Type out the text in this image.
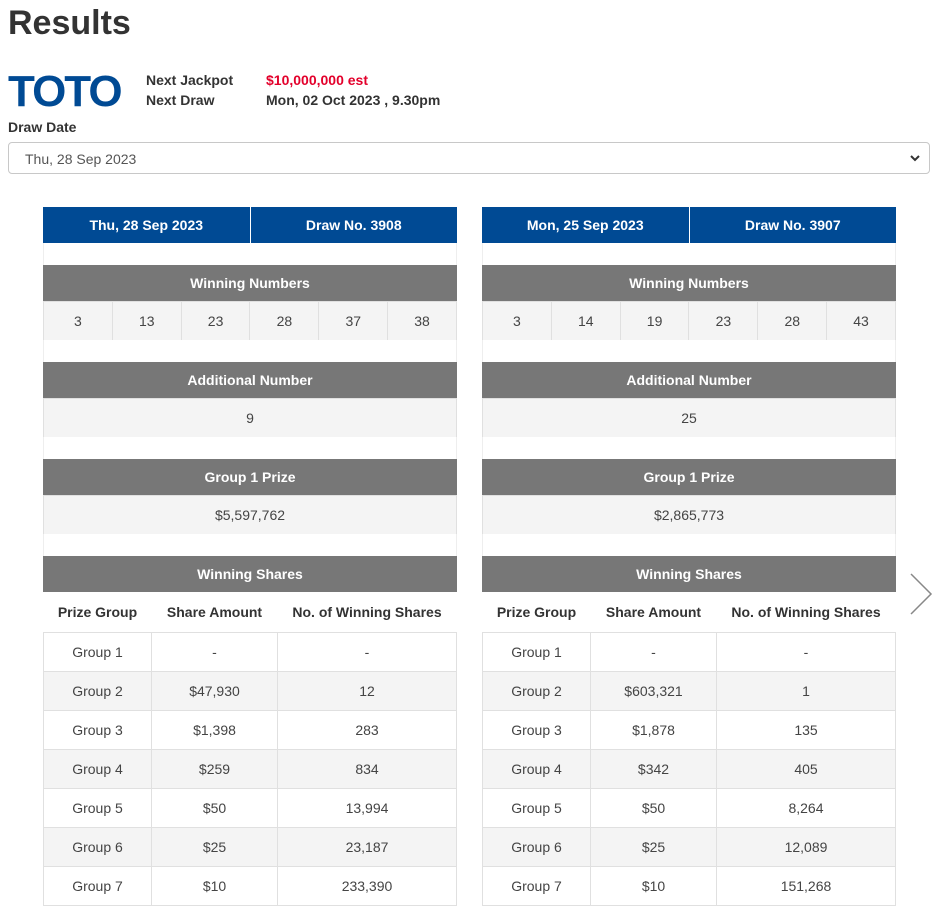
Results
TOTO Next Jackpot
Next Draw
$10,000,000 est
Mon, 02 Oct 2023 , 9.30pm
Draw Date
Thu, 28 Sep 2023
Thu, 28 Sep 2023	Draw No. 3908
Winning Numbers
3	13	23	28	37	38
Additional Number
9
Group 1 Prize
$5,597,762
Winning Shares
Prize Group	Share Amount	No. of Winning Shares
Group 1	-	-
Group 2	$47,930	12
Group 3	$1,398	283
Group 4	$259	834
Group 5	$50	13,994
Group 6	$25	23,187
Group 7	$10	233,390
Mon, 25 Sep 2023	Draw No. 3907
Winning Numbers
3	14	19	23	28	43
Additional Number
25
Group 1 Prize
$2,865,773
Winning Shares
Prize Group	Share Amount	No. of Winning Shares
Group 1	-	-
Group 2	$603,321	1
Group 3	$1,878	135
Group 4	$342	405
Group 5	$50	8,264
Group 6	$25	12,089
Group 7	$10	151,268
